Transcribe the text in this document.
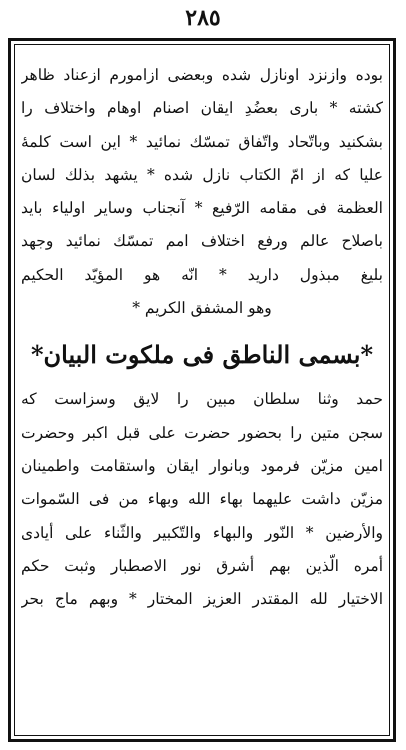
٢٨٥
بوده وازنزد اونازل شده وبعضى ازامورم ازعناد ظاهر
كشته * بارى بعضُدِ ايقان اصنام اوهام واختلاف را
بشكنيد وباتّحاد واتّفاق تمسّك نمائيد * اين است كلمهٔ
عليا كه از امّ الكتاب نازل شده * يشهد بذلك لسان
العظمة فى مقامه الرّفيع * آنجناب وساير اولياء بايد
باصلاح عالم ورفع اختلاف امم تمسّك نمائيد وجهد
بليغ مبذول داريد * انّه هو المؤيّد الحكيم
وهو المشفق الكريم *
*بسمى الناطق فى ملكوت البيان*
حمد وثنا سلطان مبين را لايق وسزاست كه
سجن متين را بحضور حضرت على قبل اكبر وحضرت
امين مزيّن فرمود وبانوار ايقان واستقامت واطمينان
مزيّن داشت عليهما بهاء الله وبهاء من فى السّموات
والأرضين * النّور والبهاء والتّكبير والثّناء على أيادى
أمره الّذين بهم أشرق نور الاصطبار وثبت حكم
الاختيار لله المقتدر العزيز المختار * وبهم ماج بحر
